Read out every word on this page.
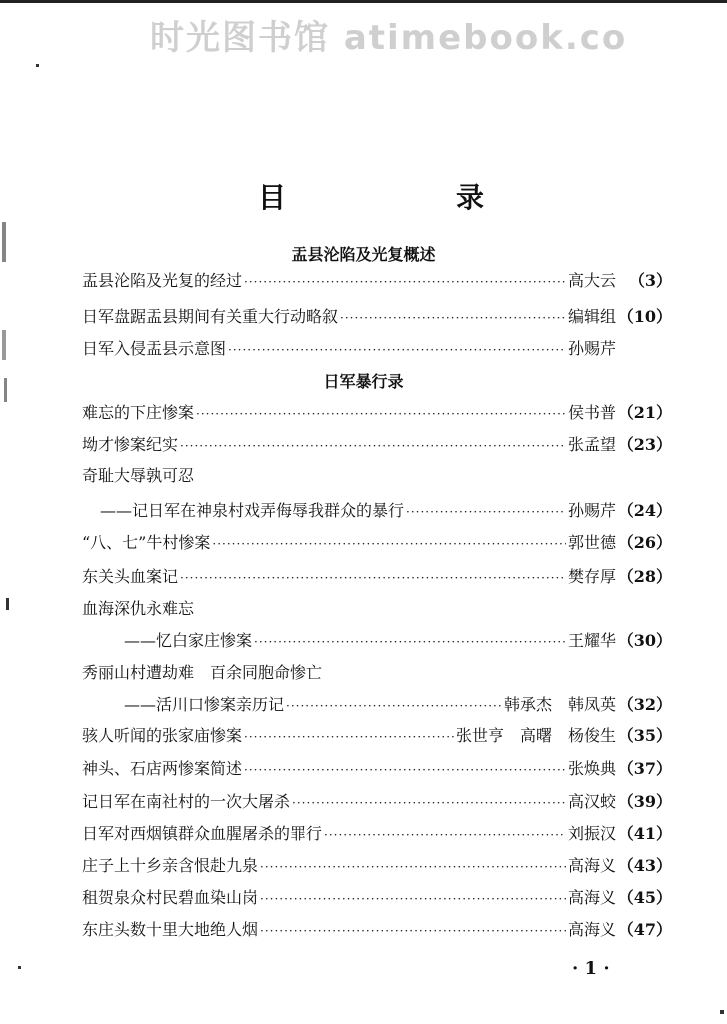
时光图书馆 atimebook.co
目录
盂县沦陷及光复概述
日军暴行录
盂县沦陷及光复的经过 ·····	高大云 （3）
日军盘踞盂县期间有关重大行动略叙 ·····	编辑组 （10）
日军入侵盂县示意图 ·····	孙赐芹
难忘的下庄惨案 ·····	侯书普 （21）
坳才惨案纪实 ·····	张孟望 （23）
奇耻大辱孰可忍
——记日军在神泉村戏弄侮辱我群众的暴行 ·····	孙赐芹 （24）
“八、七”牛村惨案 ·····	郭世德 （26）
东关头血案记 ·····	樊存厚 （28）
血海深仇永难忘
——忆白家庄惨案 ·····	王耀华 （30）
秀丽山村遭劫难　百余同胞命惨亡
——活川口惨案亲历记 ·····	韩承杰　韩凤英 （32）
骇人听闻的张家庙惨案 ·····	张世亨　高曙　杨俊生 （35）
神头、石店两惨案简述 ·····	张焕典 （37）
记日军在南社村的一次大屠杀 ·····	高汉蛟 （39）
日军对西烟镇群众血腥屠杀的罪行 ·····	刘振汉 （41）
庄子上十乡亲含恨赴九泉 ·····	高海义 （43）
租贺泉众村民碧血染山岗 ·····	高海义 （45）
东庄头数十里大地绝人烟 ·····	高海义 （47）
· 1 ·
